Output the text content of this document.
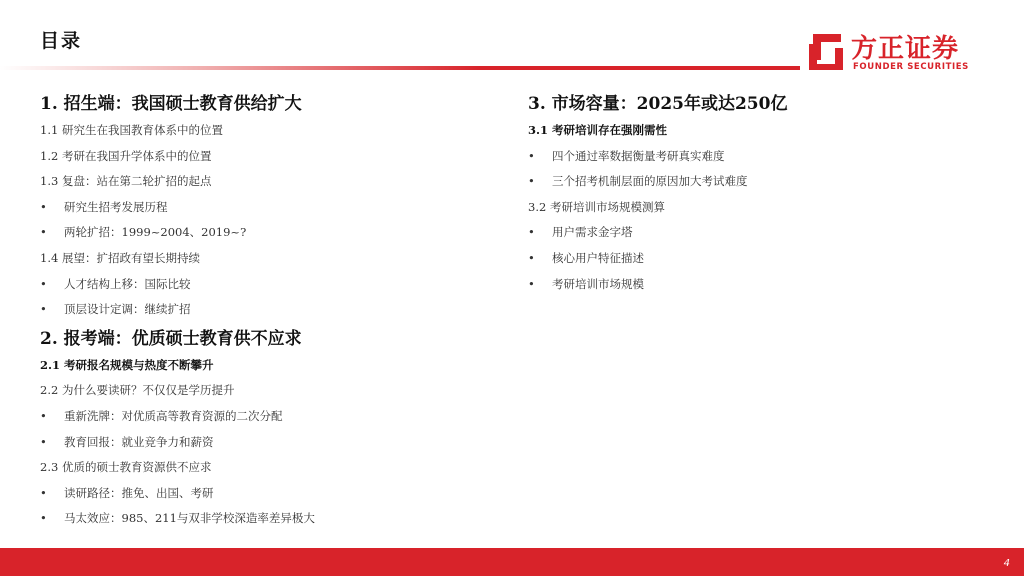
目录	方正证券
FOUNDER SECURITIES
1. 招生端：我国硕士教育供给扩大
1.1 研究生在我国教育体系中的位置
1.2 考研在我国升学体系中的位置
1.3 复盘：站在第二轮扩招的起点
• 研究生招考发展历程
• 两轮扩招：1999~2004、2019~?
1.4 展望：扩招政有望长期持续
• 人才结构上移：国际比较
• 顶层设计定调：继续扩招
2. 报考端：优质硕士教育供不应求
2.1 考研报名规模与热度不断攀升
2.2 为什么要读研？不仅仅是学历提升
• 重新洗牌：对优质高等教育资源的二次分配
• 教育回报：就业竞争力和薪资
2.3 优质的硕士教育资源供不应求
• 读研路径：推免、出国、考研
• 马太效应：985、211与双非学校深造率差异极大
3. 市场容量：2025年或达250亿
3.1 考研培训存在强刚需性
• 四个通过率数据衡量考研真实难度
• 三个招考机制层面的原因加大考试难度
3.2 考研培训市场规模测算
• 用户需求金字塔
• 核心用户特征描述
• 考研培训市场规模
4
